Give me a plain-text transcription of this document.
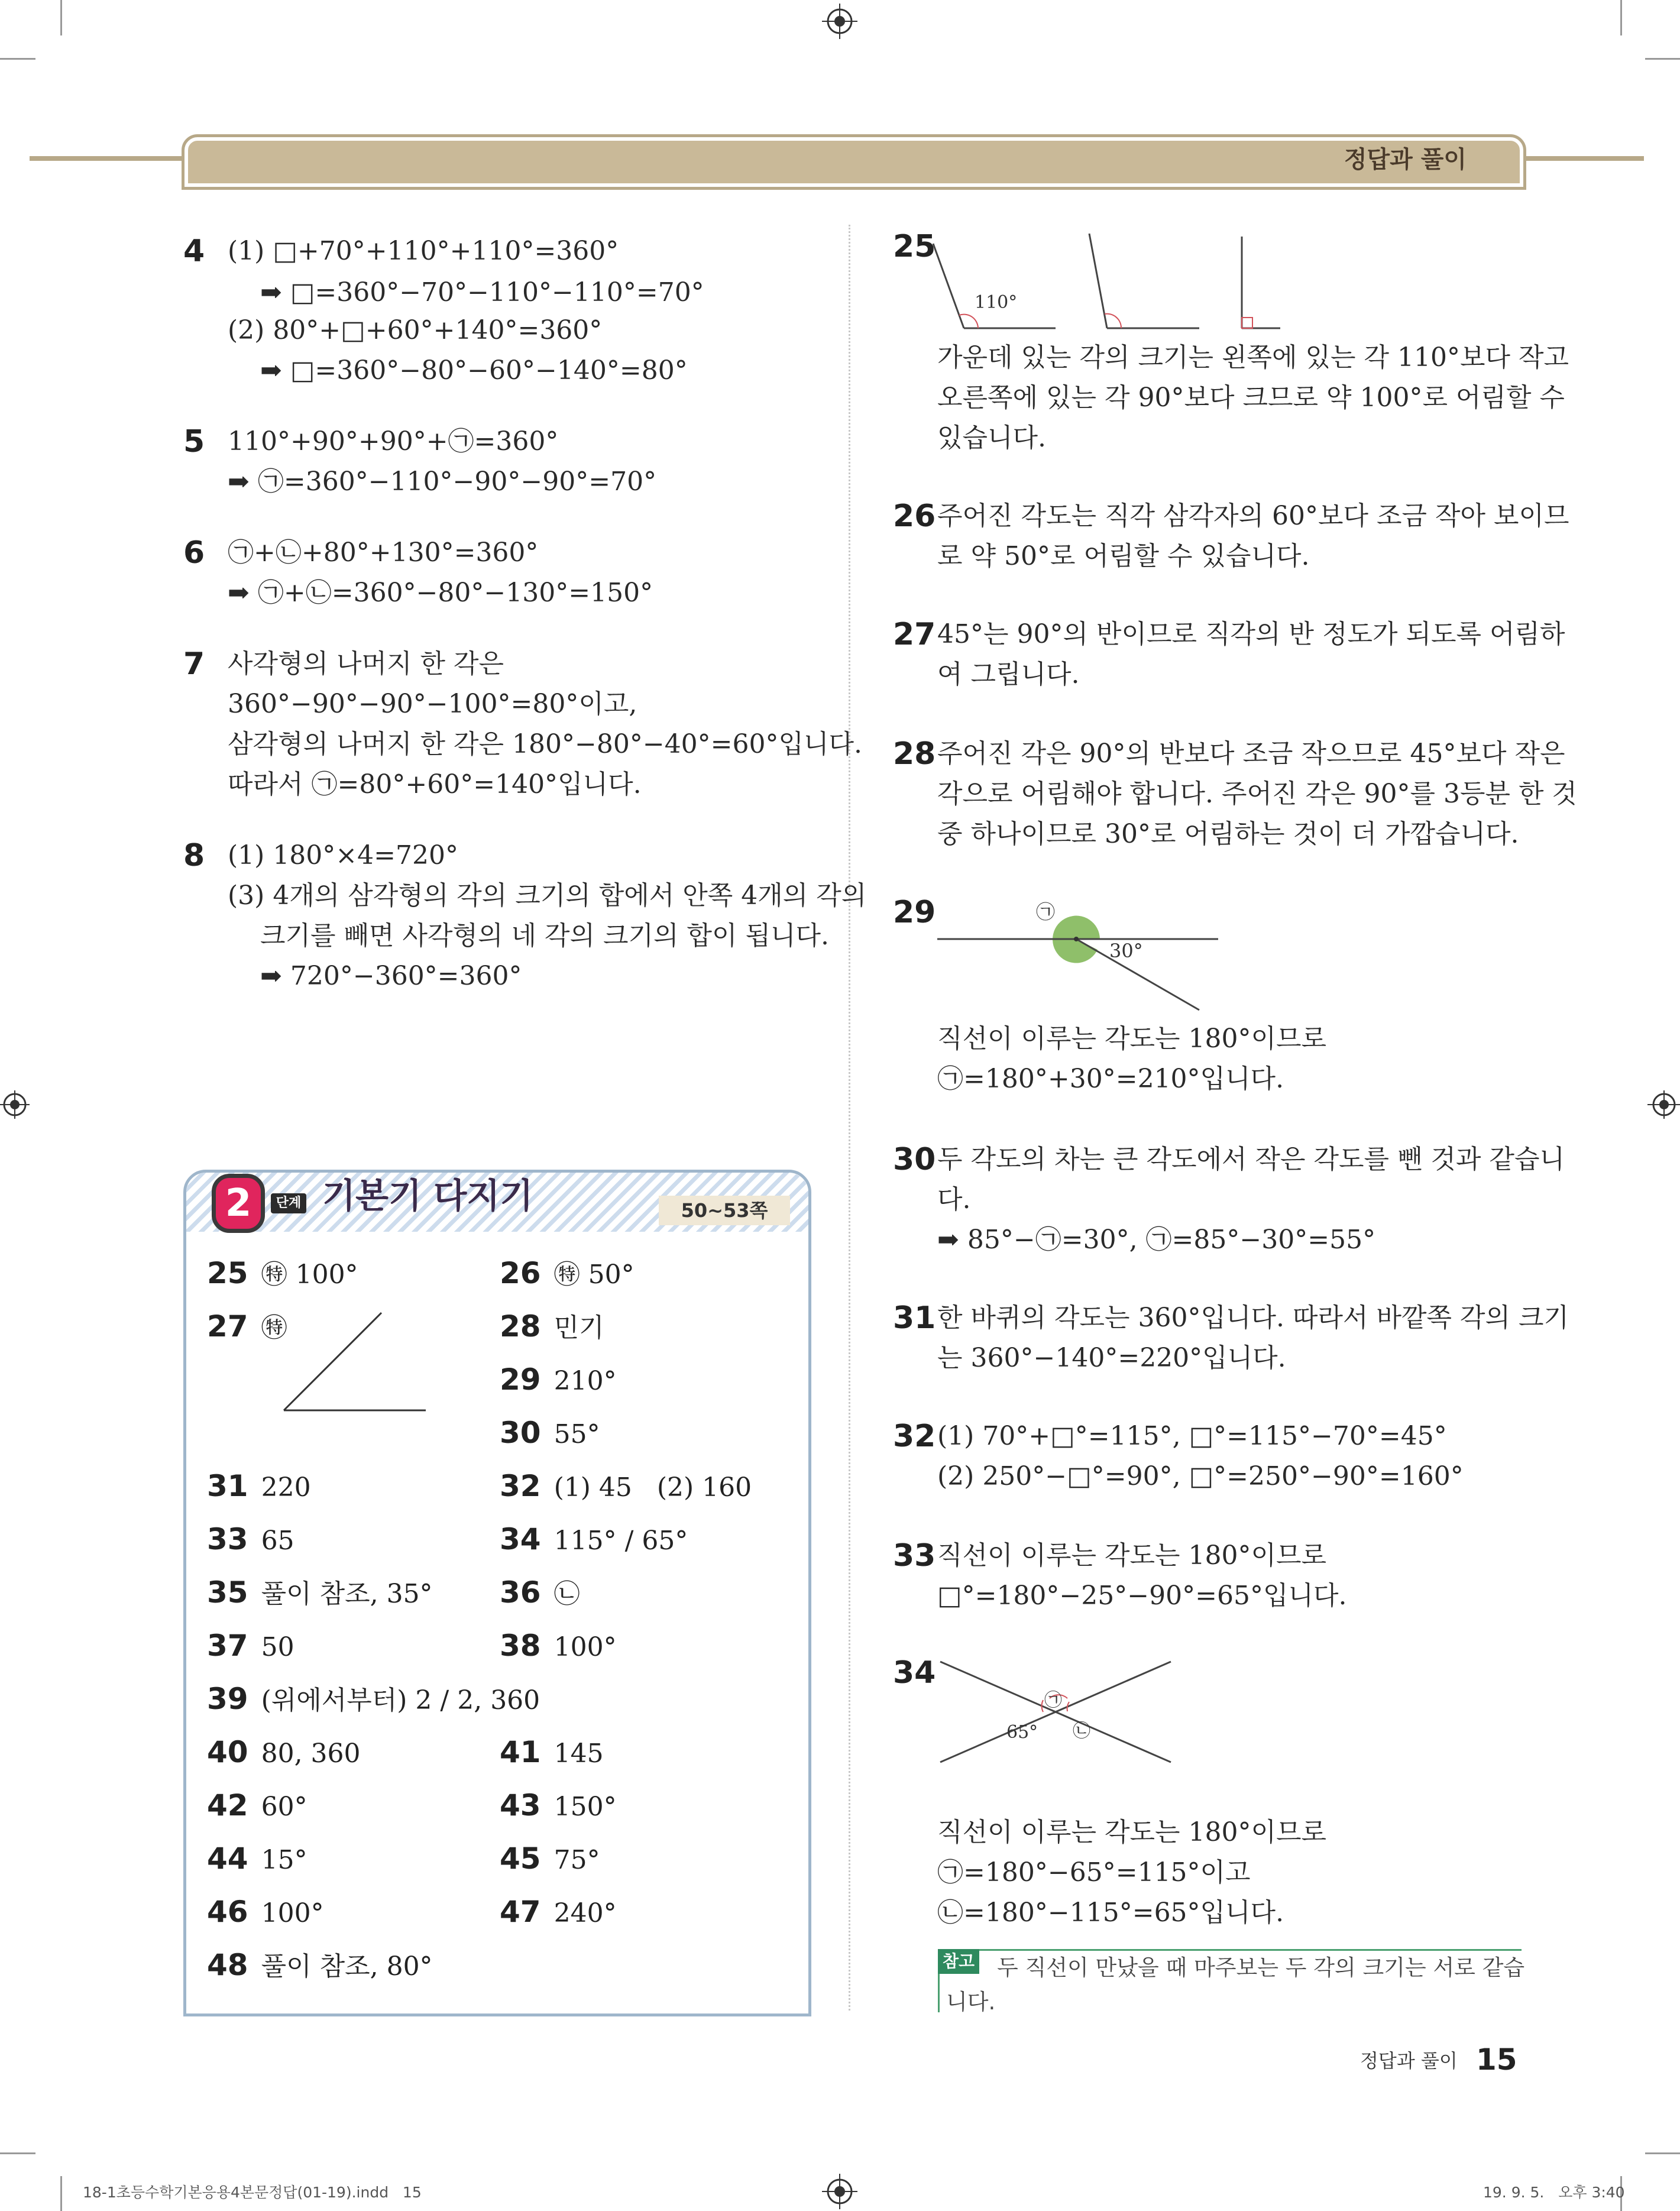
정답과 풀이
4 (1) □+70°+110°+110°=360°
➡ □=360°−70°−110°−110°=70°
(2) 80°+□+60°+140°=360°
➡ □=360°−80°−60°−140°=80°
5 110°+90°+90°+㉠=360°
➡ ㉠=360°−110°−90°−90°=70°
6 ㉠+㉡+80°+130°=360°
➡ ㉠+㉡=360°−80°−130°=150°
7 사각형의 나머지 한 각은
360°−90°−90°−100°=80°이고,
삼각형의 나머지 한 각은 180°−80°−40°=60°입니다.
따라서 ㉠=80°+60°=140°입니다.
8 (1) 180°×4=720°
(3) 4개의 삼각형의 각의 크기의 합에서 안쪽 4개의 각의
크기를 빼면 사각형의 네 각의 크기의 합이 됩니다.
➡ 720°−360°=360°
2	단계 기본기 다지기	50∼53쪽
25 ㊕ 100°	26 ㊕ 50°
27 ㊕	28 민기
29 210°
30 55°
31 220	32 (1) 45   (2) 160
33 65	34 115° / 65°
35 풀이 참조, 35° 36 ㉡
37 50	38 100°
39 (위에서부터) 2 / 2, 360
40 80, 360	41 145
42 60°	43 150°
44 15°	45 75°
46 100°	47 240°
48 풀이 참조, 80°
25
110°
가운데 있는 각의 크기는 왼쪽에 있는 각 110°보다 작고
오른쪽에 있는 각 90°보다 크므로 약 100°로 어림할 수
있습니다.
26 주어진 각도는 직각 삼각자의 60°보다 조금 작아 보이므
로 약 50°로 어림할 수 있습니다.
27 45°는 90°의 반이므로 직각의 반 정도가 되도록 어림하
여 그립니다.
28 주어진 각은 90°의 반보다 조금 작으므로 45°보다 작은
각으로 어림해야 합니다. 주어진 각은 90°를 3등분 한 것
중 하나이므로 30°로 어림하는 것이 더 가깝습니다.
29	㉠
30°
직선이 이루는 각도는 180°이므로
㉠=180°+30°=210°입니다.
30 두 각도의 차는 큰 각도에서 작은 각도를 뺀 것과 같습니
다.
➡ 85°−㉠=30°, ㉠=85°−30°=55°
31 한 바퀴의 각도는 360°입니다. 따라서 바깥쪽 각의 크기
는 360°−140°=220°입니다.
32 (1) 70°+□°=115°, □°=115°−70°=45°
(2) 250°−□°=90°, □°=250°−90°=160°
33 직선이 이루는 각도는 180°이므로
□°=180°−25°−90°=65°입니다.
34
㉠
65° ㉡
직선이 이루는 각도는 180°이므로
㉠=180°−65°=115°이고
㉡=180°−115°=65°입니다.
참고 두 직선이 만났을 때 마주보는 두 각의 크기는 서로 같습
니다.
정답과 풀이 15
18-1초등수학기본응용4본문정답(01-19).indd   15	19. 9. 5.   오후 3:40
